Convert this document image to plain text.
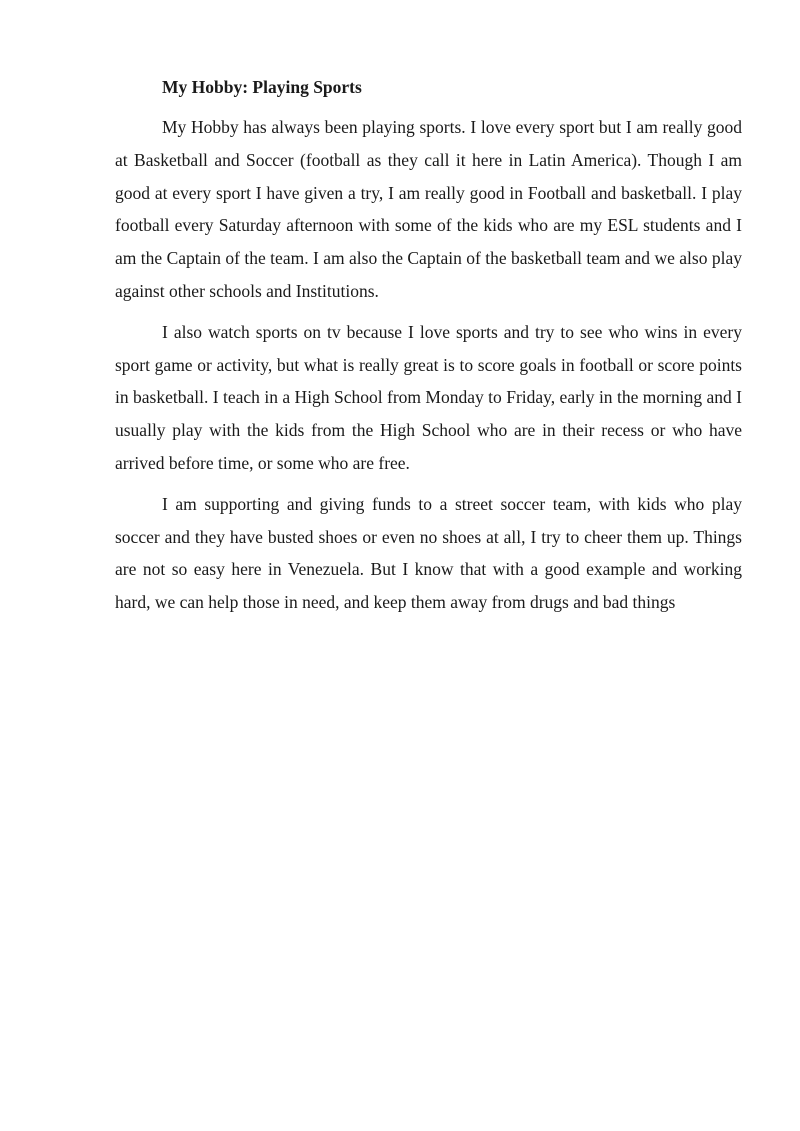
My Hobby: Playing Sports

My Hobby has always been playing sports. I love every sport but I am really good at Basketball and Soccer (football as they call it here in Latin America). Though I am good at every sport I have given a try, I am really good in Football and basketball. I play football every Saturday afternoon with some of the kids who are my ESL students and I am the Captain of the team. I am also the Captain of the basketball team and we also play against other schools and Institutions.

I also watch sports on tv because I love sports and try to see who wins in every sport game or activity, but what is really great is to score goals in football or score points in basketball. I teach in a High School from Monday to Friday, early in the morning and I usually play with the kids from the High School who are in their recess or who have arrived before time, or some who are free.

I am supporting and giving funds to a street soccer team, with kids who play soccer and they have busted shoes or even no shoes at all, I try to cheer them up. Things are not so easy here in Venezuela. But I know that with a good example and working hard, we can help those in need, and keep them away from drugs and bad things
